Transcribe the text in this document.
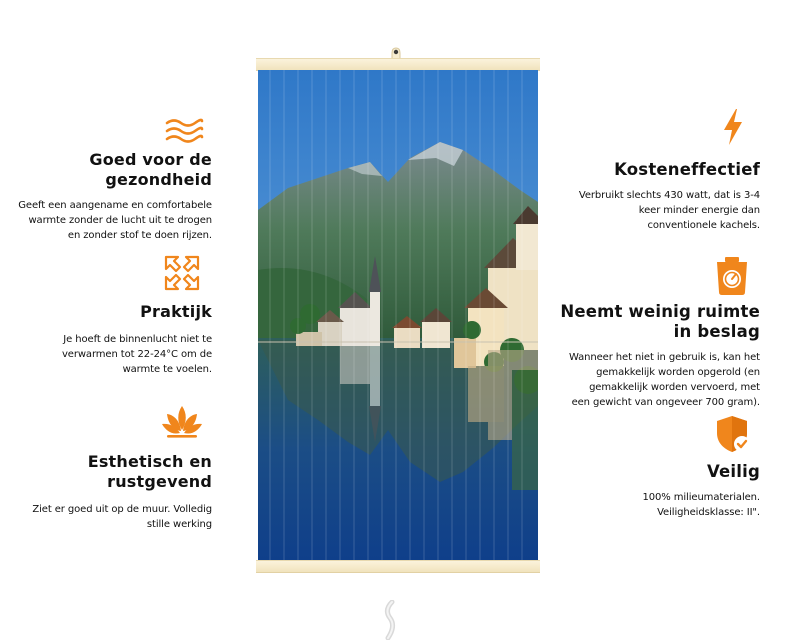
Goed voor de
gezondheid

Geeft een aangename en comfortabele
warmte zonder de lucht uit te drogen
en zonder stof te doen rijzen.

Praktijk

Je hoeft de binnenlucht niet te
verwarmen tot 22-24°C om de
warmte te voelen.

Esthetisch en
rustgevend

Ziet er goed uit op de muur. Volledig
stille werking

Kosteneffectief

Verbruikt slechts 430 watt, dat is 3-4
keer minder energie dan
conventionele kachels.

Neemt weinig ruimte
in beslag

Wanneer het niet in gebruik is, kan het
gemakkelijk worden opgerold (en
gemakkelijk worden vervoerd, met
een gewicht van ongeveer 700 gram).

Veilig

100% milieumaterialen.
Veiligheidsklasse: II".
